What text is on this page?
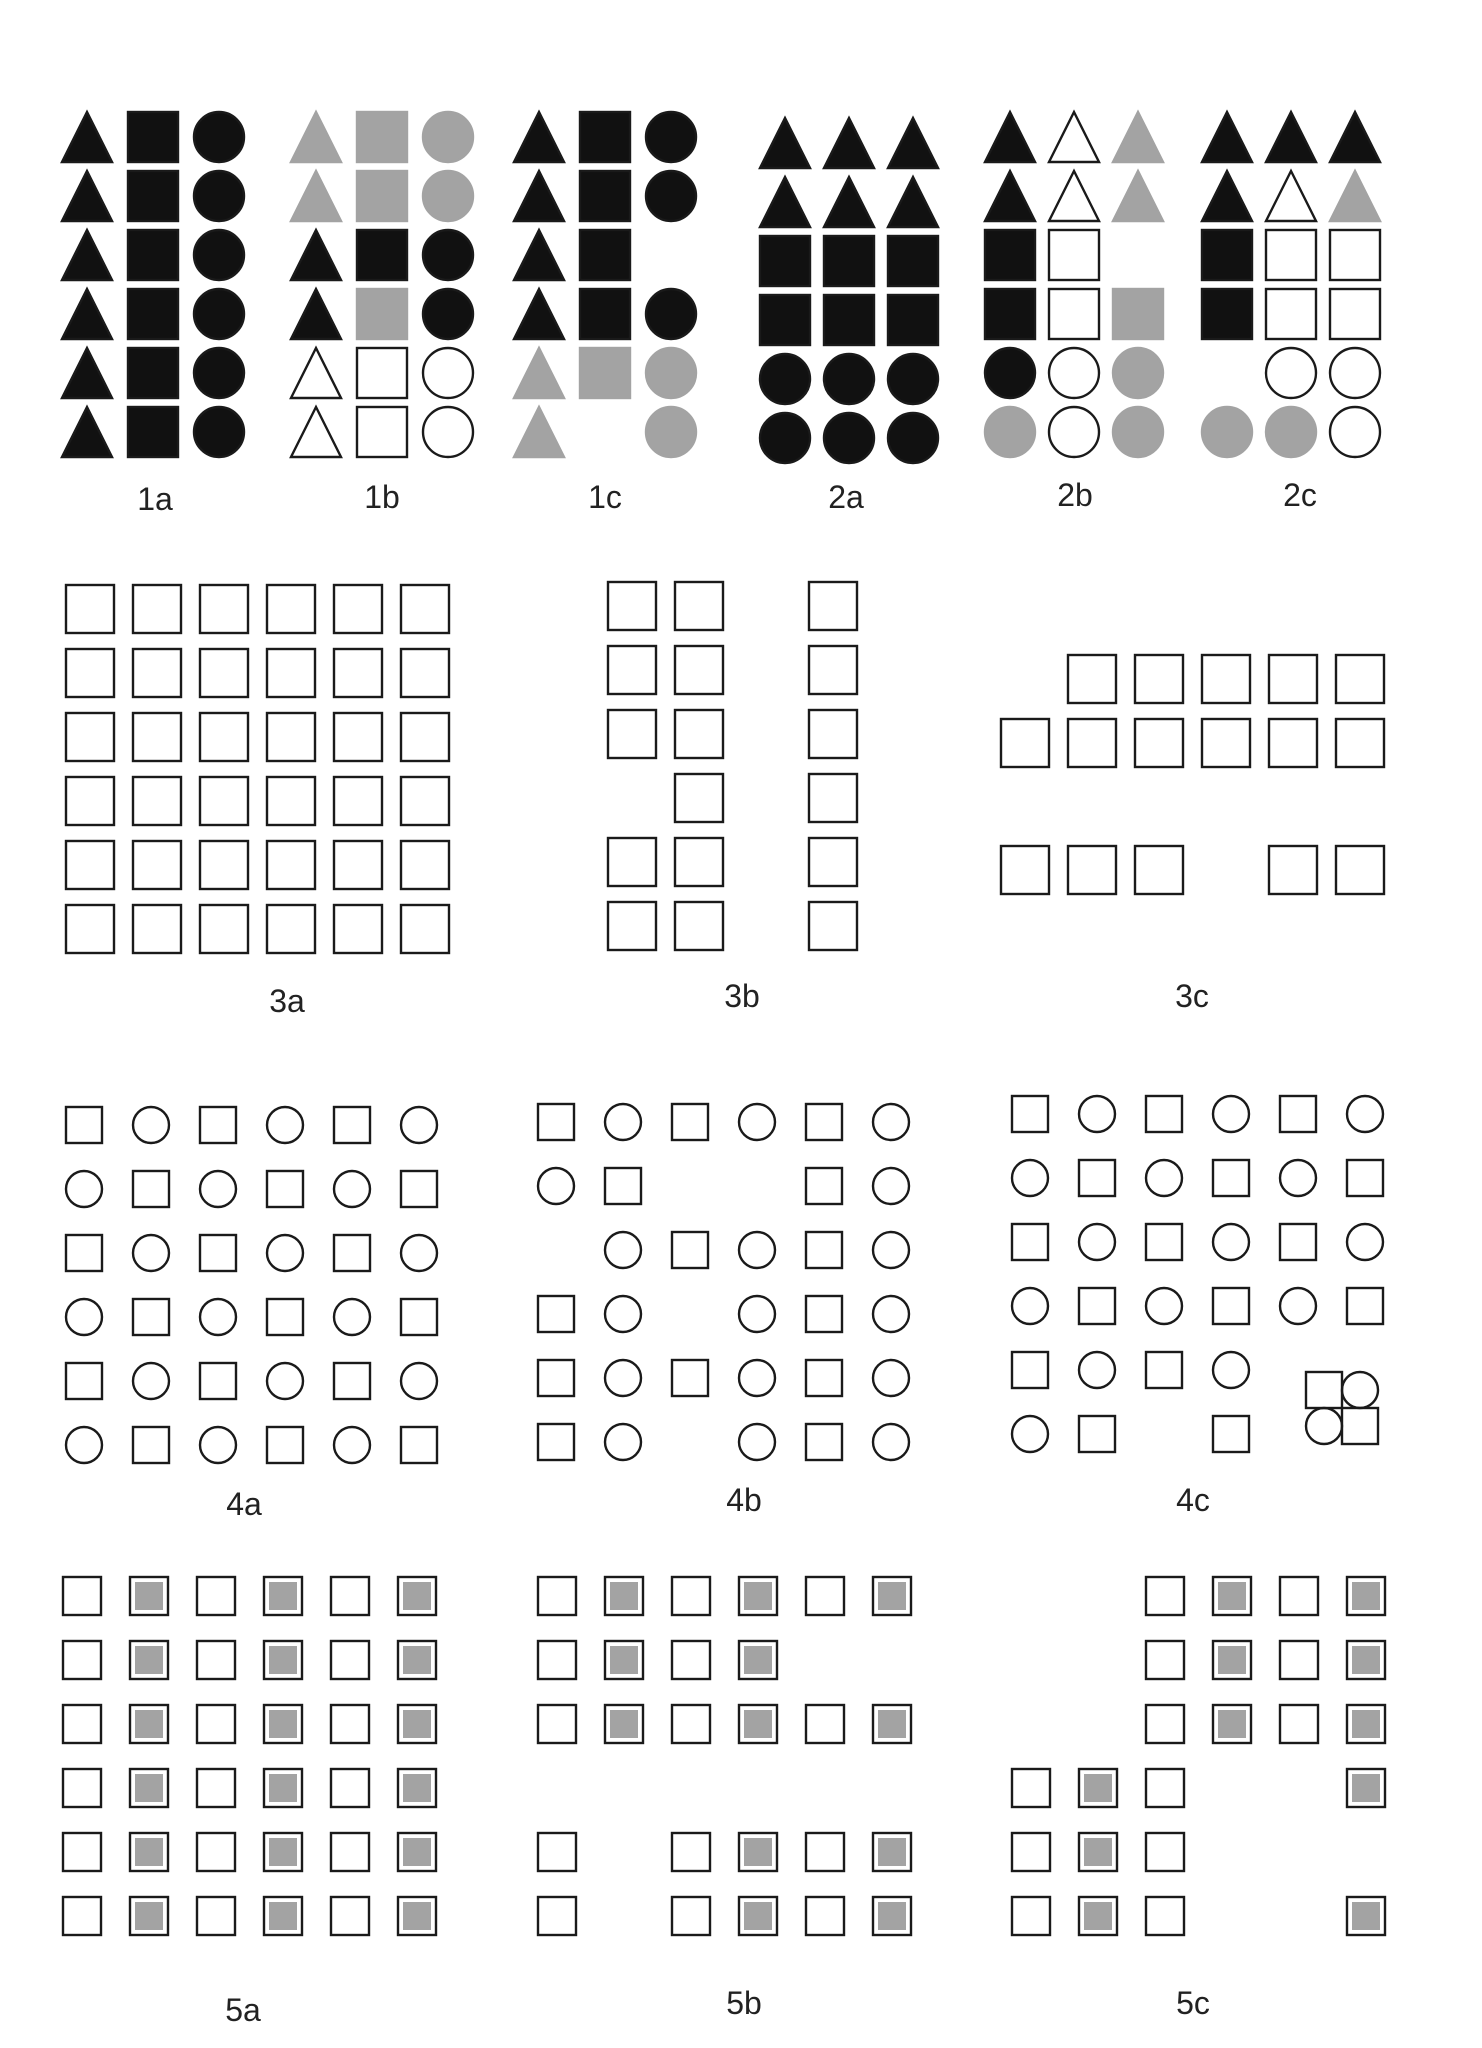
1a	1b	1c	2a	2b	2c
3a	3b	3c
4a	4b	4c
5a	5b	5c
